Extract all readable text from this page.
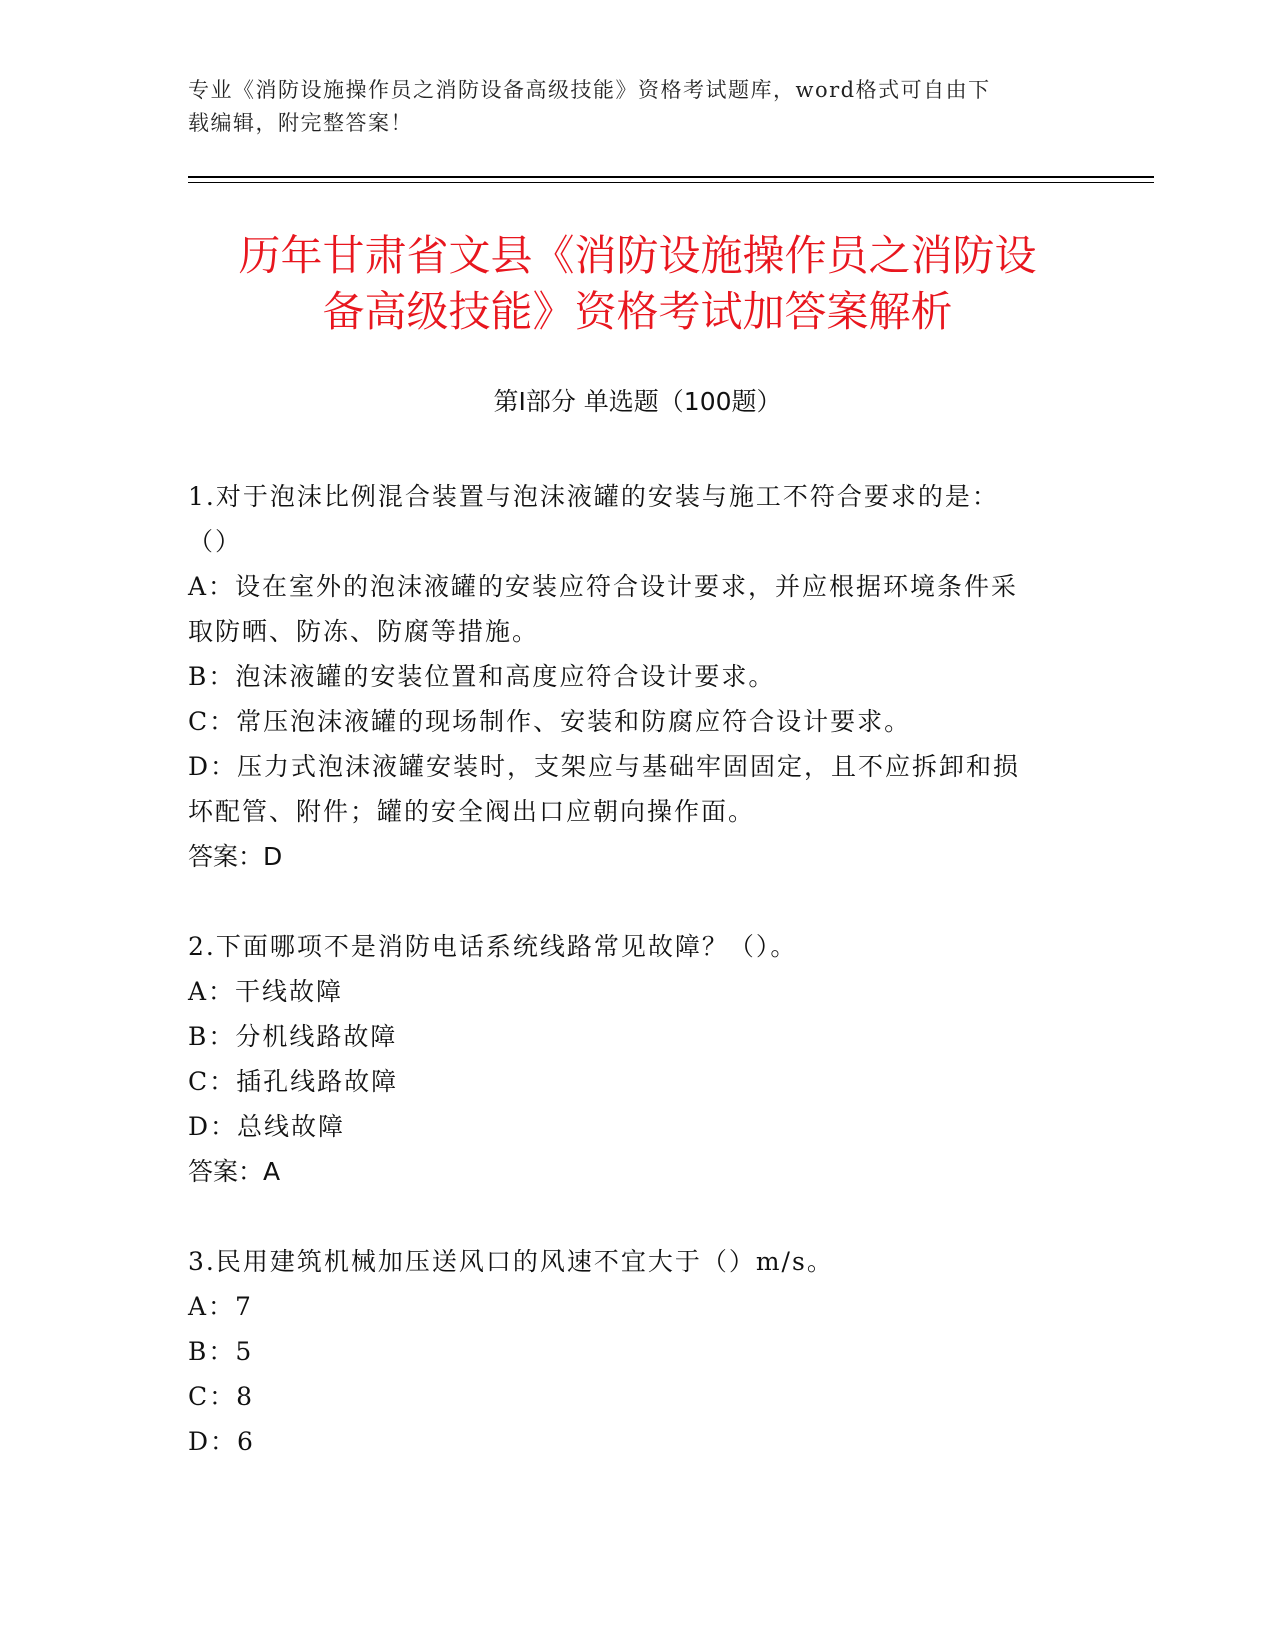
专业《消防设施操作员之消防设备高级技能》资格考试题库，word格式可自由下
载编辑，附完整答案！
历年甘肃省文县《消防设施操作员之消防设
备高级技能》资格考试加答案解析
第Ⅰ部分 单选题（100题）
1.对于泡沫比例混合装置与泡沫液罐的安装与施工不符合要求的是：
（）
A：设在室外的泡沫液罐的安装应符合设计要求，并应根据环境条件采
取防晒、防冻、防腐等措施。
B：泡沫液罐的安装位置和高度应符合设计要求。
C：常压泡沫液罐的现场制作、安装和防腐应符合设计要求。
D：压力式泡沫液罐安装时，支架应与基础牢固固定，且不应拆卸和损
坏配管、附件；罐的安全阀出口应朝向操作面。
答案：D
2.下面哪项不是消防电话系统线路常见故障？（）。
A：干线故障
B：分机线路故障
C：插孔线路故障
D：总线故障
答案：A
3.民用建筑机械加压送风口的风速不宜大于（）m/s。
A：7
B：5
C：8
D：6
